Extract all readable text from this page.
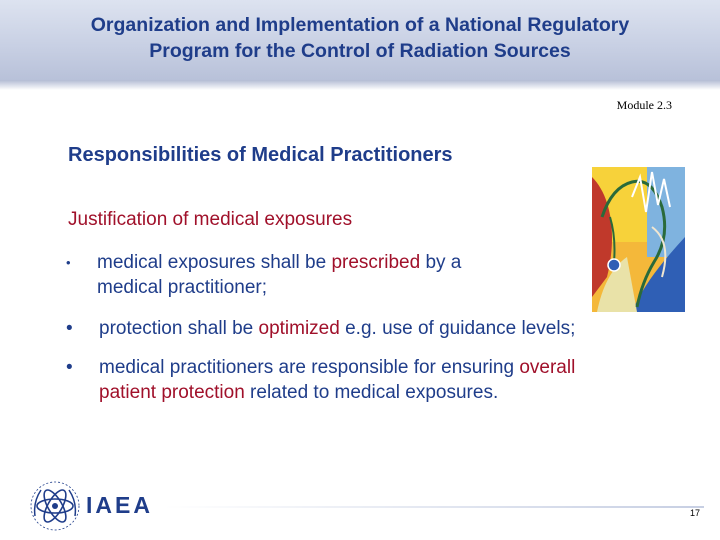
Organization and Implementation of a National Regulatory
Program for the Control of Radiation Sources
Module 2.3
Responsibilities of Medical Practitioners
Justification of medical exposures
• medical exposures shall be prescribed by a
medical practitioner;
• protection shall be optimized e.g. use of guidance levels;
• medical practitioners are responsible for ensuring overall
patient protection related to medical exposures.
IAEA	17
